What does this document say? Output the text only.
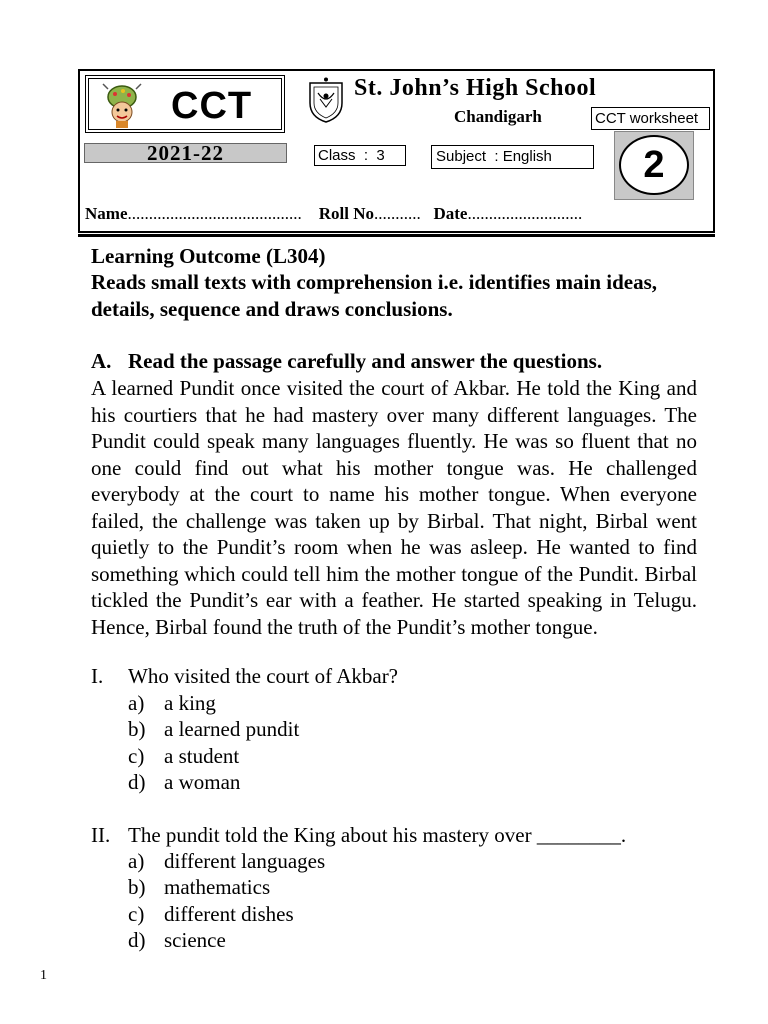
CCT
2021-22
St. John’s High School
Chandigarh	CCT worksheet
Class  :  3	Subject  : English	2
Name......................................... Roll No........... Date...........................
Learning Outcome (L304)
Reads small texts with comprehension i.e. identifies main ideas, details, sequence and draws conclusions.
A. Read the passage carefully and answer the questions.
A learned Pundit once visited the court of Akbar. He told the King and his courtiers that he had mastery over many different languages. The Pundit could speak many languages fluently. He was so fluent that no one could find out what his mother tongue was. He challenged everybody at the court to name his mother tongue. When everyone failed, the challenge was taken up by Birbal. That night, Birbal went quietly to the Pundit’s room when he was asleep. He wanted to find something which could tell him the mother tongue of the Pundit. Birbal tickled the Pundit’s ear with a feather. He started speaking in Telugu. Hence, Birbal found the truth of the Pundit’s mother tongue.
I. Who visited the court of Akbar?
a) a king
b) a learned pundit
c) a student
d) a woman
II. The pundit told the King about his mastery over ________.
a) different languages
b) mathematics
c) different dishes
d) science
1
